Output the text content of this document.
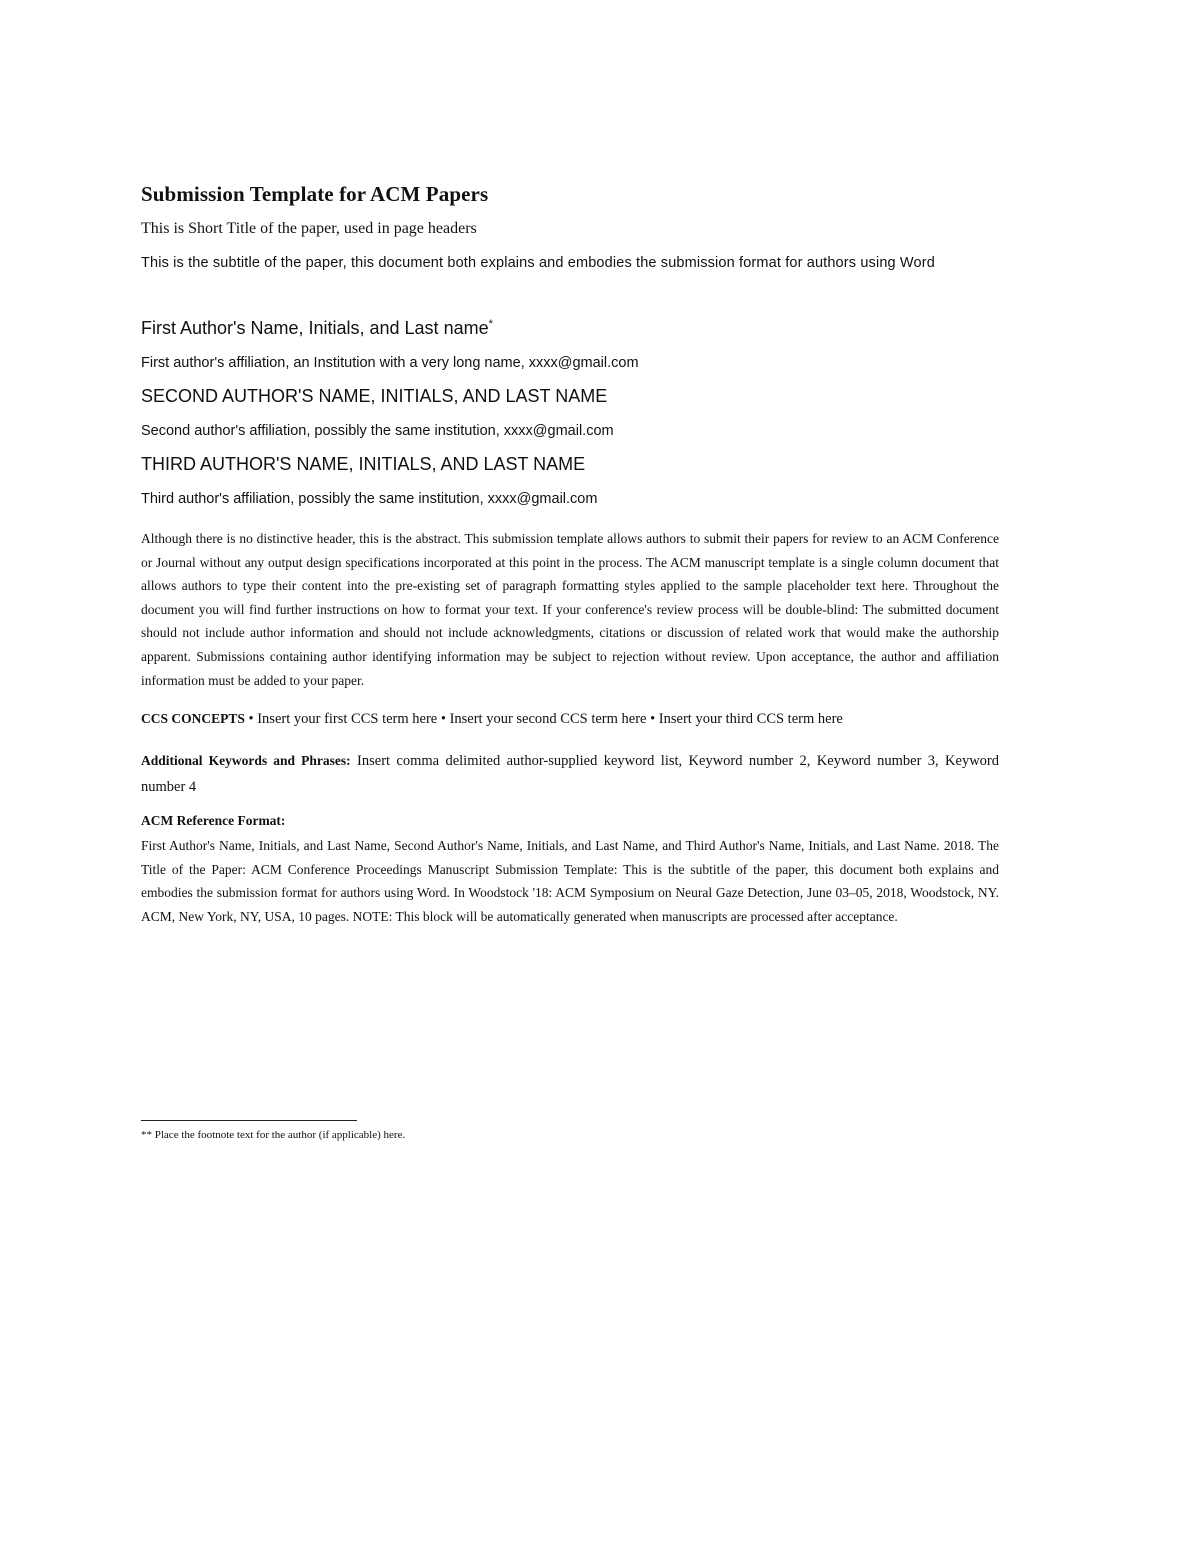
Submission Template for ACM Papers

This is Short Title of the paper, used in page headers

This is the subtitle of the paper, this document both explains and embodies the submission format for authors using Word

First Author's Name, Initials, and Last name*

First author's affiliation, an Institution with a very long name, xxxx@gmail.com

SECOND AUTHOR'S NAME, INITIALS, AND LAST NAME

Second author's affiliation, possibly the same institution, xxxx@gmail.com

THIRD AUTHOR'S NAME, INITIALS, AND LAST NAME

Third author's affiliation, possibly the same institution, xxxx@gmail.com

Although there is no distinctive header, this is the abstract. This submission template allows authors to submit their papers for review to an ACM Conference or Journal without any output design specifications incorporated at this point in the process. The ACM manuscript template is a single column document that allows authors to type their content into the pre-existing set of paragraph formatting styles applied to the sample placeholder text here. Throughout the document you will find further instructions on how to format your text. If your conference's review process will be double-blind: The submitted document should not include author information and should not include acknowledgments, citations or discussion of related work that would make the authorship apparent. Submissions containing author identifying information may be subject to rejection without review. Upon acceptance, the author and affiliation information must be added to your paper.

CCS CONCEPTS • Insert your first CCS term here • Insert your second CCS term here • Insert your third CCS term here

Additional Keywords and Phrases: Insert comma delimited author-supplied keyword list, Keyword number 2, Keyword number 3, Keyword number 4

ACM Reference Format:

First Author's Name, Initials, and Last Name, Second Author's Name, Initials, and Last Name, and Third Author's Name, Initials, and Last Name. 2018. The Title of the Paper: ACM Conference Proceedings Manuscript Submission Template: This is the subtitle of the paper, this document both explains and embodies the submission format for authors using Word. In Woodstock '18: ACM Symposium on Neural Gaze Detection, June 03–05, 2018, Woodstock, NY. ACM, New York, NY, USA, 10 pages. NOTE: This block will be automatically generated when manuscripts are processed after acceptance.

** Place the footnote text for the author (if applicable) here.
